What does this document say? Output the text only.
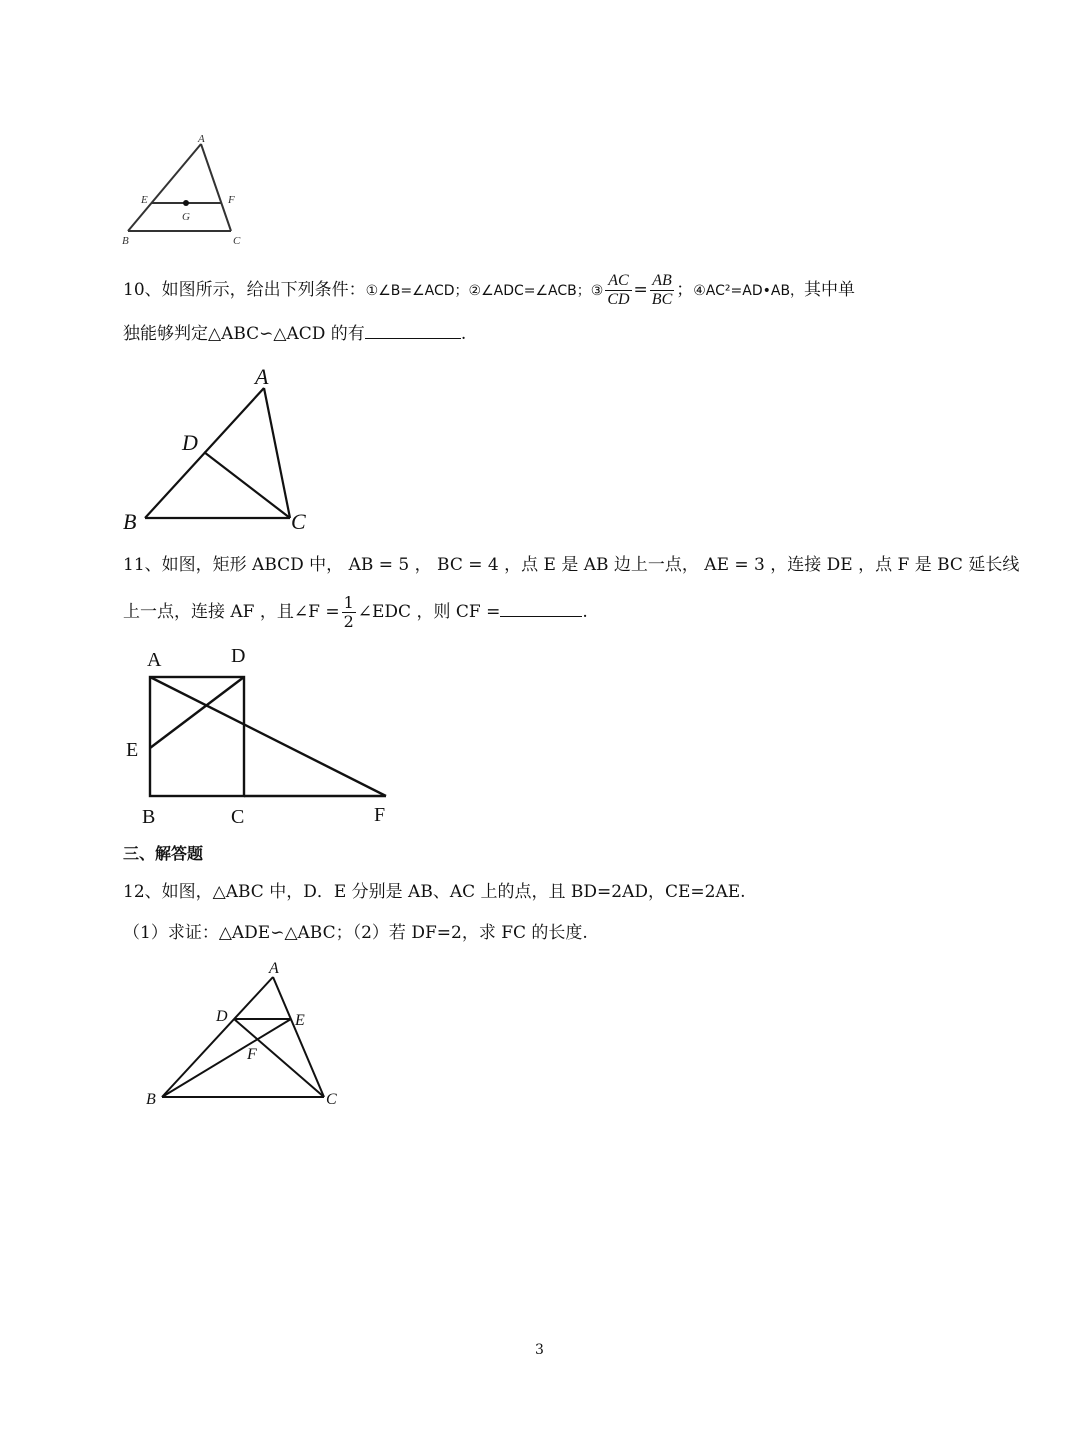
A
E	F
G
B	C
10、如图所示，给出下列条件：①∠B=∠ACD；②∠ADC=∠ACB；③ $\frac{AC}{CD} = \frac{AB}{BC}$ ；④AC²=AD•AB，其中单
独能够判定△ABC∽△ACD 的有	.
A
D
B	C
11、如图，矩形 ABCD 中， AB = 5 ， BC = 4 ，点 E 是 AB 边上一点， AE = 3 ，连接 DE ，点 F 是 BC 延长线
上一点，连接 AF ，且∠F = $\frac{1}{2}$ ∠EDC ，则 CF =	.
A	D
E
B	C	F
三、解答题
12、如图，△ABC 中，D．E 分别是 AB、AC 上的点，且 BD=2AD，CE=2AE.
（1）求证：△ADE∽△ABC；（2）若 DF=2，求 FC 的长度.
A
D	E
F
B	C
3
